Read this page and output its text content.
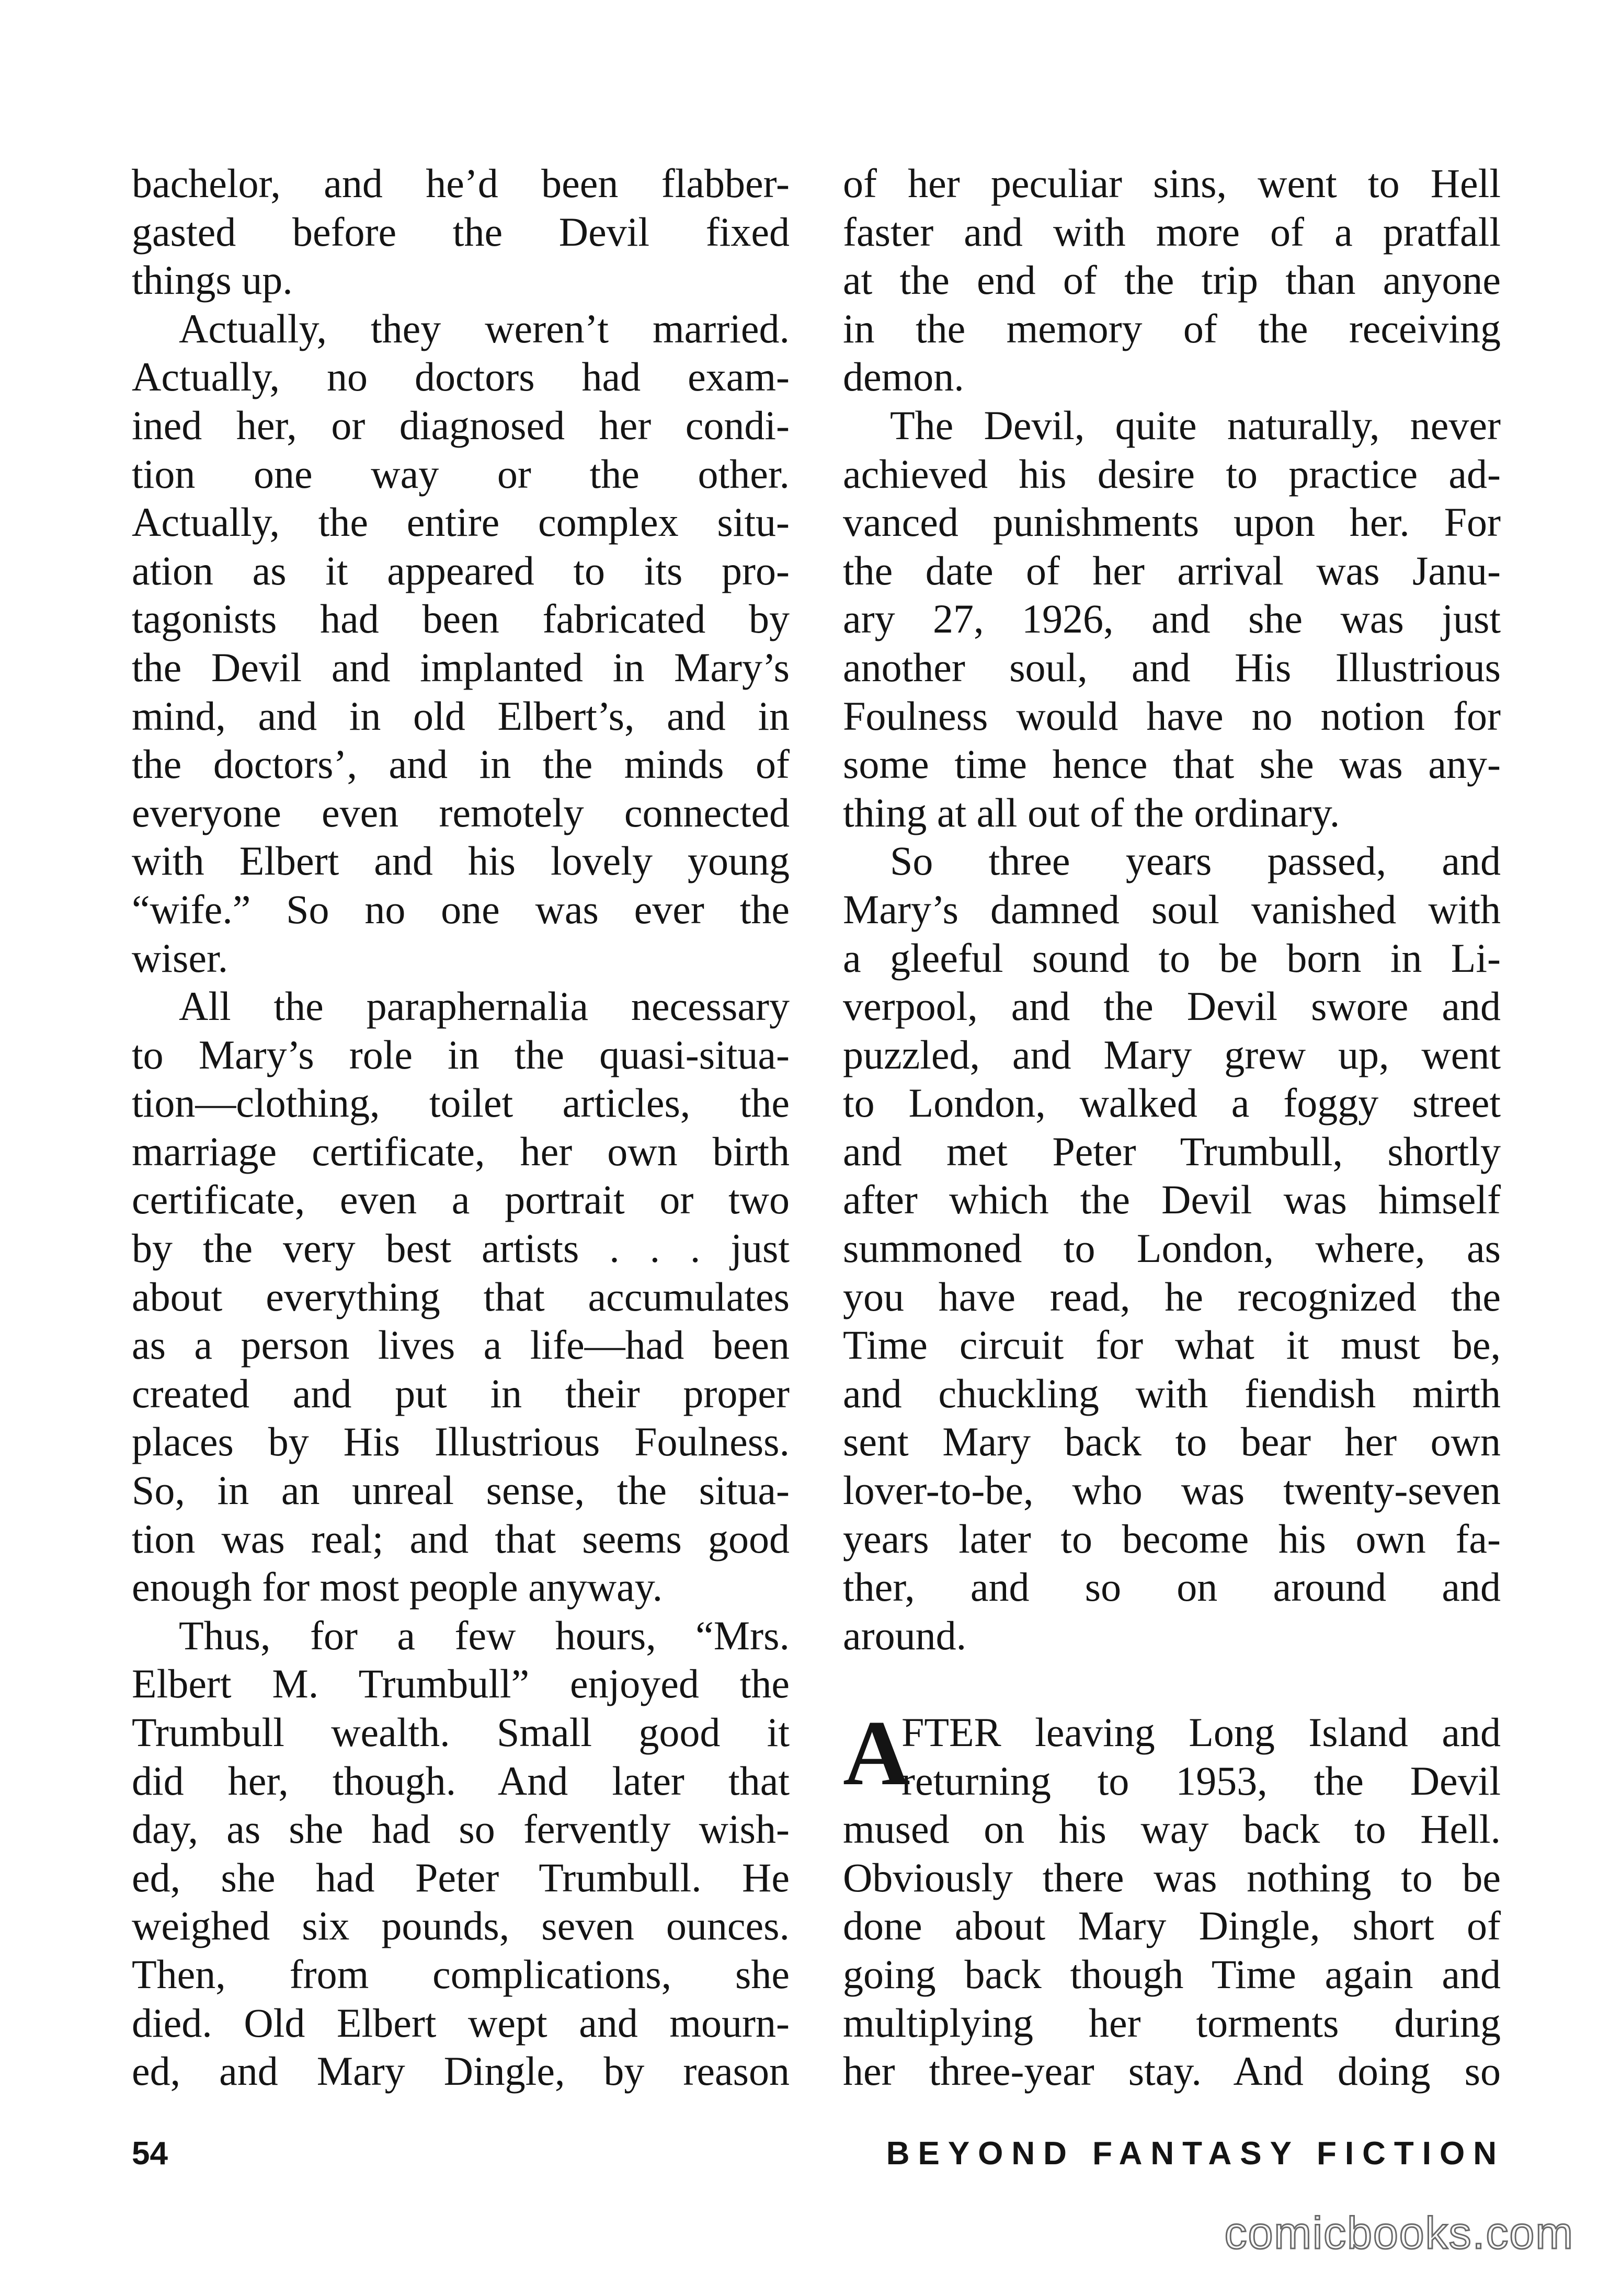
bachelor, and he’d been flabber-
gasted before the Devil fixed
things up.
Actually, they weren’t married.
Actually, no doctors had exam-
ined her, or diagnosed her condi-
tion one way or the other.
Actually, the entire complex situ-
ation as it appeared to its pro-
tagonists had been fabricated by
the Devil and implanted in Mary’s
mind, and in old Elbert’s, and in
the doctors’, and in the minds of
everyone even remotely connected
with Elbert and his lovely young
“wife.” So no one was ever the
wiser.
All the paraphernalia necessary
to Mary’s role in the quasi-situa-
tion—clothing, toilet articles, the
marriage certificate, her own birth
certificate, even a portrait or two
by the very best artists . . . just
about everything that accumulates
as a person lives a life—had been
created and put in their proper
places by His Illustrious Foulness.
So, in an unreal sense, the situa-
tion was real; and that seems good
enough for most people anyway.
Thus, for a few hours, “Mrs.
Elbert M. Trumbull” enjoyed the
Trumbull wealth. Small good it
did her, though. And later that
day, as she had so fervently wish-
ed, she had Peter Trumbull. He
weighed six pounds, seven ounces.
Then, from complications, she
died. Old Elbert wept and mourn-
ed, and Mary Dingle, by reason
of her peculiar sins, went to Hell
faster and with more of a pratfall
at the end of the trip than anyone
in the memory of the receiving
demon.
The Devil, quite naturally, never
achieved his desire to practice ad-
vanced punishments upon her. For
the date of her arrival was Janu-
ary 27, 1926, and she was just
another soul, and His Illustrious
Foulness would have no notion for
some time hence that she was any-
thing at all out of the ordinary.
So three years passed, and
Mary’s damned soul vanished with
a gleeful sound to be born in Li-
verpool, and the Devil swore and
puzzled, and Mary grew up, went
to London, walked a foggy street
and met Peter Trumbull, shortly
after which the Devil was himself
summoned to London, where, as
you have read, he recognized the
Time circuit for what it must be,
and chuckling with fiendish mirth
sent Mary back to bear her own
lover-to-be, who was twenty-seven
years later to become his own fa-
ther, and so on around and
around.
A
FTER leaving Long Island and
returning to 1953, the Devil
mused on his way back to Hell.
Obviously there was nothing to be
done about Mary Dingle, short of
going back though Time again and
multiplying her torments during
her three-year stay. And doing so
54	BEYOND FANTASY FICTION
comicbooks.com
